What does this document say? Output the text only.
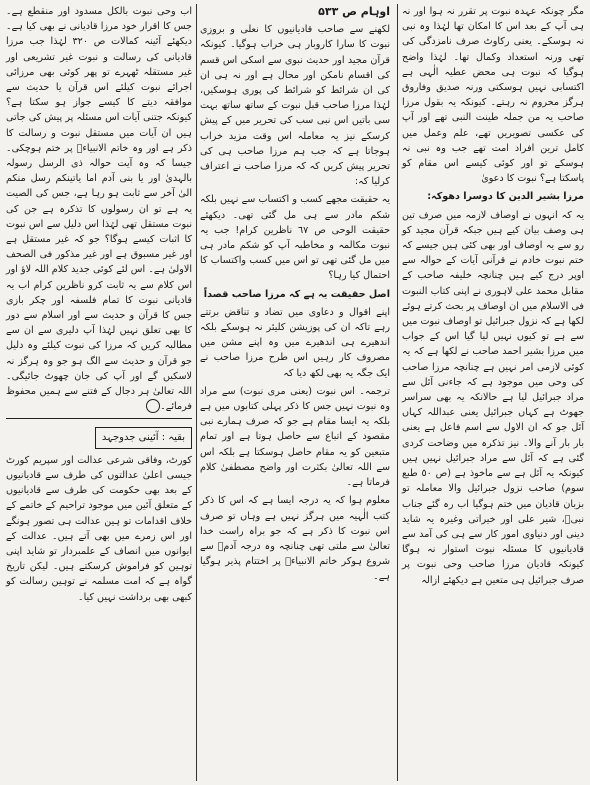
مگر چونکہ عہدہ نبوت پر تقرر نہ ہوا اور نہ ہی آپ کے بعد اس کا امکان تھا لہٰذا وہ نبی نہ ہوسکے۔ یعنی رکاوٹ صرف نامزدگی کی تھی ورنہ استعداد وکمال تھا۔ لہٰذا واضح ہوگیا کہ نبوت ہی محض عطیہ الٰہی ہے اکتسابی نہیں ہوسکتی ورنہ صدیق وفاروق ہرگز محروم نہ رہتے۔ کیونکہ یہ بقول مرزا صاحب یہ من جملہ طینت النبی تھے اور آپ کی عکسی تصویریں تھے، علم وعمل میں کامل ترین افراد امت تھے جب وہ نبی نہ ہوسکے تو اور کوئی کیسے اس مقام کو پاسکتا ہے؟ نبوت کا دعویٰ

مرزا بشیر الدین کا دوسرا دھوکہ:

یہ کہ انہوں نے اوصاف لازمہ میں صرف تین ہی وصف بیان کیے ہیں جبکہ قرآن مجید کو رو سے یہ اوصاف اور بھی کئی ہیں جیسے کہ ختم نبوت خادم نے قرآنی آیات کے حوالہ سے اوپر درج کیے ہیں چنانچہ خلیفہ صاحب کے مقابل محمد علی لاہوری نے اپنی کتاب النبوت فی الاسلام میں ان اوصاف پر بحث کرتے ہوئے لکھا ہے کہ نزول جبرائیل تو اوصاف نبوت میں سے ہے تو کیوں نہیں لیا گیا اس کے جواب میں مرزا بشیر احمد صاحب نے لکھا ہے کہ یہ کوئی لازمی امر نہیں ہے چنانچہ مرزا صاحب کی وحی میں موجود ہے کہ جاءنی آئل سے مراد جبرائیل لیا ہے حالانکہ یہ بھی سراسر جھوٹ ہے کہاں جبرائیل یعنی عبداللہ کہاں آئل جو کہ ان الاول سے اسم فاعل ہے یعنی بار بار آنے والا۔ نیز تذکرہ میں وضاحت کردی گئی ہے کہ آئل سے مراد جبرائیل نہیں ہیں کیونکہ یہ آئل ہے سے ماخوذ ہے (ص ٥٠ طبع سوم) صاحب نزول جبرائیل والا معاملہ تو بزبان قادیان میں ختم ہوگیا اب رہ گئے جناب نبیؐ، شیر علی اور خیراتی وغیرہ یہ شاید دینی اور دنیاوی امور کار سے ہی کی آمد سے قادیانیوں کا مسئلہ نبوت استوار نہ ہوگا کیونکہ قادیان مرزا صاحب وحی نبوت پر صرف جبرائیل ہی متعین ہے دیکھئے ازالہ

اوہام ص ۵۳۳

لکھنے سے صاحب قادیانیوں کا نعلی و بروزی نبوت کا سارا کاروبار ہی خراب ہوگیا۔ کیونکہ قرآن مجید اور حدیث نبوی سے اسکی اس قسم کی اقسام نامکن اور محال ہے اور نہ ہی ان کی ان شرائط کو شرائط کی پوری ہوسکیں، لہٰذا مرزا صاحب قبل نبوت کے ساتھ ساتھ بہت سی باتیں اس نبی سب کی تحریر میں کے پیش کرسکے نیز یہ معاملہ اس وقت مزید خراب ہوجاتا ہے کہ جب ہم مرزا صاحب ہی کی تحریر پیش کریں کہ کہ مرزا صاحب نے اعتراف کرلیا کہ:

یہ حقیقت مجھے کسب و اکتساب سے نہیں بلکہ شکم مادر سے ہی مل گئی تھی۔ دیکھئے حقیقت الوحی ص ٦٧ ناظرین کرام! جب یہ نبوت مکالمہ و مخاطبہ آپ کو شکم مادر ہی میں مل گئی تھی تو اس میں کسب واکتساب کا احتمال کیا رہا؟

اصل حقیقت یہ ہے کہ مرزا صاحب قصداً

اپنے اقوال و دعاوی میں تضاد و تناقض برتتے رہے تاکہ ان کی پوزیشن کلیئر نہ ہوسکے بلکہ اندھیرے ہی اندھیرے میں وہ اپنے مشن میں مصروف کار رہیں اس طرح مرزا صاحب نے ایک جگہ یہ بھی لکھ دیا کہ

ترجمہ۔ اس نبوت (یعنی مری نبوت) سے مراد وہ نبوت نہیں جس کا ذکر پہلی کتابوں میں ہے بلکہ یہ ایسا مقام ہے جو کہ صرف ہمارے نبی مقصود کے اتباع سے حاصل ہوتا ہے اور تمام متبعین کو یہ مقام حاصل ہوسکتا ہے بلکہ اس سے اللہ تعالیٰ بکثرت اور واضح مصطفیٰ کلام فرماتا ہے۔

معلوم ہوا کہ یہ درجہ ایسا ہے کہ اس کا ذکر کتب الٰہیہ میں ہرگز نہیں ہے وہاں تو صرف اس نبوت کا ذکر ہے کہ جو براہ راست خدا تعالیٰ سے ملتی تھی چنانچہ وہ درجہ آدمؑ سے شروع ہوکر خاتم الانبیاءؐ پر اختتام پذیر ہوگیا ہے۔

اب وحی نبوت بالکل مسدود اور منقطع ہے۔ جس کا اقرار خود مرزا قادیانی نے بھی کیا ہے۔ دیکھئے آئینہ کمالات ص ٣٢٠ لہٰذا جب مرزا قادیانی کی رسالت و نبوت غیر تشریعی اور غیر مستقلہ ٹھہرے تو پھر کوئی بھی مرزائی اجرائے نبوت کیلئے اس قرآن یا حدیث سے موافقہ دیتے کا کیسے جواز ہو سکتا ہے؟ کیونکہ جتنی آیات اس مسئلہ پر پیش کی جاتی ہیں ان آیات میں مستقل نبوت و رسالت کا ذکر ہے اور وہ خاتم الانبیاءؐ پر ختم ہوچکی۔ جیسا کہ وہ آیت حوالہ ذی الرسل رسولہ بالہدیٰ اور یا بنی آدم اما یاتینکم رسل منکم الیٰ آخر سے ثابت ہو رہا ہے، جس کی الصیت یہ ہے تو ان رسولوں کا تذکرہ ہے جن کی نبوت مستقل تھی لہٰذا اس دلیل سے اس نبوت کا اثبات کیسے ہوگا؟ جو کہ غیر مستقل ہے اور غیر مسبوق ہے اور غیر مذکور فی الصحف الاولیٰ ہے۔ اس لئے کوئی جدید کلام اللہ لاؤ اور اس کلام سے یہ ثابت کرو ناظرین کرام اب یہ قادیانی نبوت کا تمام فلسفہ اور چکر بازی جس کا قرآن و حدیث سے اور اسلام سے دور کا بھی تعلق نہیں لہٰذا آپ دلیری سے ان سے مطالبہ کریں کہ مرزا کی نبوت کیلئے وہ دلیل جو قرآن و حدیث سے الگ ہو جو وہ ہرگز نہ لاسکیں گے اور آپ کی جان چھوٹ جائیگی۔ اللہ تعالیٰ ہر دجال کے فتنے سے ہمیں محفوظ فرمائے۔

بقیہ : آئینی جدوجہد

کورٹ، وفاقی شرعی عدالت اور سپریم کورٹ جیسی اعلیٰ عدالتوں کی طرف سے قادیانیوں کے بعد بھی حکومت کی طرف سے قادیانیوں کے متعلق آئین میں موجود تراحیم کے خاتمے کے خلاف اقدامات تو ہین عدالت ہی تصور ہونگے اور اس زمرے میں بھی آتے ہیں۔ عدالت کے ایوانوں میں انصاف کے علمبردار تو شاید اپنی توہین کو فراموش کرسکتے ہیں۔ لیکن تاریخ گواہ ہے کہ امت مسلمہ نے توہین رسالت کو کبھی بھی برداشت نہیں کیا۔
